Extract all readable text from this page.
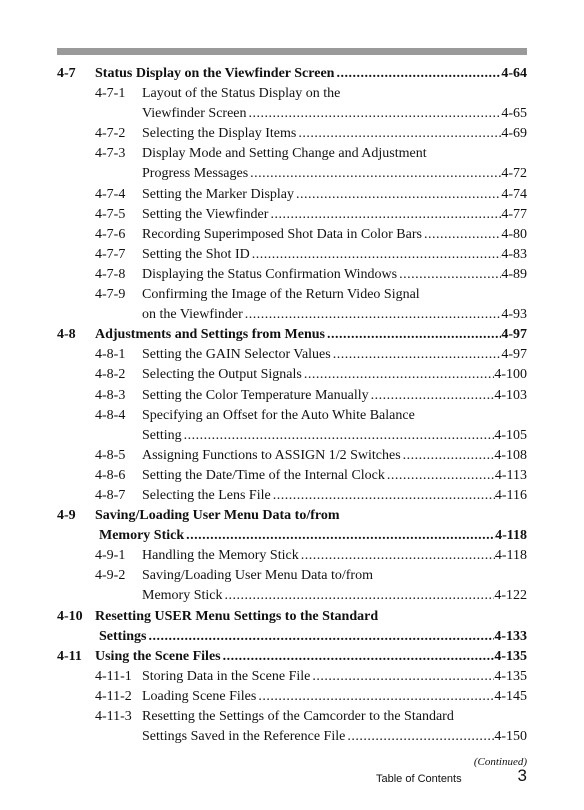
4-7 Status Display on the Viewfinder Screen . . .	4-64
4-7-1 Layout of the Status Display on the
Viewfinder Screen . . .	4-65
4-7-2 Selecting the Display Items . . .	4-69
4-7-3 Display Mode and Setting Change and Adjustment
Progress Messages . . .	4-72
4-7-4 Setting the Marker Display . . .	4-74
4-7-5 Setting the Viewfinder . . .	4-77
4-7-6 Recording Superimposed Shot Data in Color Bars . . .	4-80
4-7-7 Setting the Shot ID . . .	4-83
4-7-8 Displaying the Status Confirmation Windows . . .	4-89
4-7-9 Confirming the Image of the Return Video Signal
on the Viewfinder . . .	4-93
4-8 Adjustments and Settings from Menus . . .	4-97
4-8-1 Setting the GAIN Selector Values . . .	4-97
4-8-2 Selecting the Output Signals . . .	4-100
4-8-3 Setting the Color Temperature Manually . . .	4-103
4-8-4 Specifying an Offset for the Auto White Balance
Setting . . .	4-105
4-8-5 Assigning Functions to ASSIGN 1/2 Switches . . .	4-108
4-8-6 Setting the Date/Time of the Internal Clock . . .	4-113
4-8-7 Selecting the Lens File . . .	4-116
4-9 Saving/Loading User Menu Data to/from
Memory Stick . . .	4-118
4-9-1 Handling the Memory Stick . . .	4-118
4-9-2 Saving/Loading User Menu Data to/from
Memory Stick . . .	4-122
4-10 Resetting USER Menu Settings to the Standard
Settings . . .	4-133
4-11 Using the Scene Files . . .	4-135
4-11-1 Storing Data in the Scene File . . .	4-135
4-11-2 Loading Scene Files . . .	4-145
4-11-3 Resetting the Settings of the Camcorder to the Standard
Settings Saved in the Reference File . . .	4-150
(Continued)
Table of Contents	3
